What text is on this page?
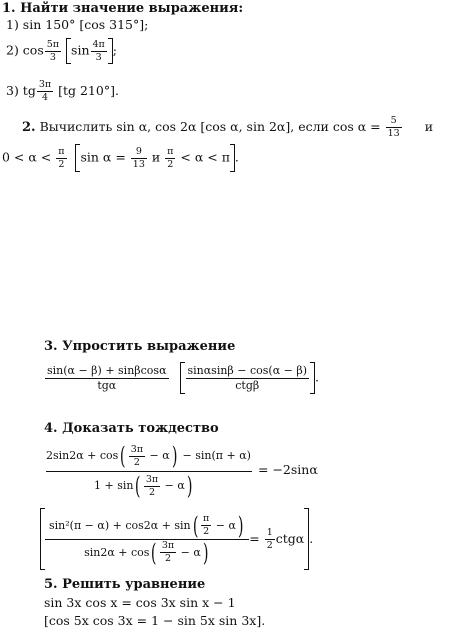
1. Найти значение выражения:
1) sin 150° [cos 315°];
2) $\cos \frac{5\pi}{3}$ $\sin \frac{4\pi}{3}$ ;
3) tg $\frac{3\pi}{4} [tg$ 210°].
2. Вычислить sin α, cos 2α [cos α, sin 2α], если $\cos \alpha = \frac{5}{13}$ и
$0 < \alpha < \frac{\pi}{2}$ $\sin \alpha = \frac{9}{13}$ и $\frac{\pi}{2} < \alpha < \pi$ .
3. Упростить выражение
$\frac{\sin(\alpha - \beta) + \sin\beta\cos\alpha}{\text{tgα}}$
$\frac{\sin\alpha\sin\beta - \cos(\alpha - \beta)}{\text{ctgβ}}$ .
4. Доказать тождество
$2\sin 2\alpha + \cos( \frac{3\pi}{2} - \alpha) - \sin(\pi + \alpha)$
$1 + \sin( \frac{3\pi}{2} - \alpha)$
= −2sinα
$\frac{\sin^2(\pi - \alpha) + \cos 2\alpha + \sin( \frac{\pi}{2} - \alpha)}{\sin 2\alpha + \cos( \frac{3\pi}{2} - \alpha)} = \frac{1}{2}$ ctgα .
5. Решить уравнение
sin 3x cos x = cos 3x sin x − 1
[cos 5x cos 3x = 1 − sin 5x sin 3x].
